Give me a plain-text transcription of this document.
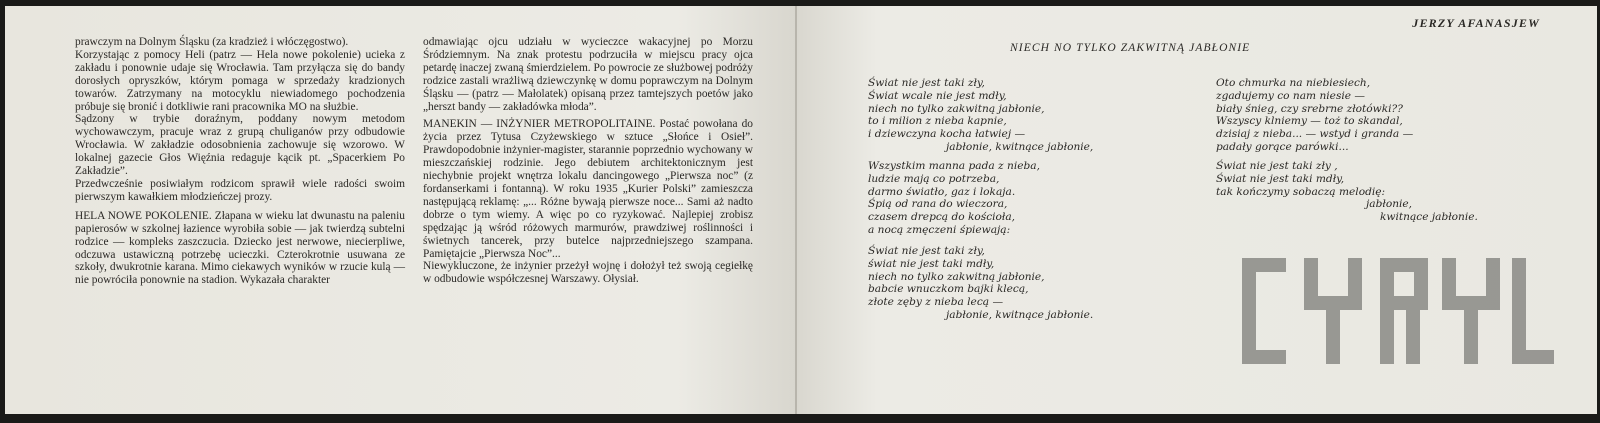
prawczym na Dolnym Śląsku (za kradzież i włóczęgostwo).

Korzystając z pomocy Heli (patrz — Hela nowe pokolenie) ucieka z zakładu i ponownie udaje się Wrocławia. Tam przyłącza się do bandy dorosłych opryszków, którym pomaga w sprzedaży kradzionych towarów. Zatrzymany na motocyklu niewiadomego pochodzenia próbuje się bronić i dotkliwie rani pracownika MO na służbie.

Sądzony w trybie doraźnym, poddany nowym metodom wychowawczym, pracuje wraz z grupą chuliganów przy odbudowie Wrocławia. W zakładzie odosobnienia zachowuje się wzorowo. W lokalnej gazecie Głos Więźnia redaguje kącik pt. „Spacerkiem Po Zakładzie”.

Przedwcześnie posiwiałym rodzicom sprawił wiele radości swoim pierwszym kawałkiem młodzieńczej prozy.

HELA NOWE POKOLENIE. Złapana w wieku lat dwunastu na paleniu papierosów w szkolnej łazience wyrobiła sobie — jak twierdzą subtelni rodzice — kompleks zaszczucia. Dziecko jest nerwowe, niecierpliwe, odczuwa ustawiczną potrzebę ucieczki. Czterokrotnie usuwana ze szkoły, dwukrotnie karana. Mimo ciekawych wyników w rzucie kulą — nie powróciła ponownie na stadion. Wykazała charakter

odmawiając ojcu udziału w wycieczce wakacyjnej po Morzu Śródziemnym. Na znak protestu podrzuciła w miejscu pracy ojca petardę inaczej zwaną śmierdzielem. Po powrocie ze służbowej podróży rodzice zastali wrażliwą dziewczynkę w domu poprawczym na Dolnym Śląsku — (patrz — Małolatek) opisaną przez tamtejszych poetów jako „herszt bandy — zakładówka młoda”.

MANEKIN — INŻYNIER METROPOLITAINE. Postać powołana do życia przez Tytusa Czyżewskiego w sztuce „Słońce i Osieł”. Prawdopodobnie inżynier-magister, starannie poprzednio wychowany w mieszczańskiej rodzinie. Jego debiutem architektonicznym jest niechybnie projekt wnętrza lokalu dancingowego „Pierwsza noc” (z fordanserkami i fontanną). W roku 1935 „Kurier Polski” zamieszcza następującą reklamę: „... Różne bywają pierwsze noce... Sami aż nadto dobrze o tym wiemy. A więc po co ryzykować. Najlepiej zrobisz spędzając ją wśród różowych marmurów, prawdziwej roślinności i świetnych tancerek, przy butelce najprzedniejszego szampana. Pamiętajcie „Pierwsza Noc”...

Niewykluczone, że inżynier przeżył wojnę i dołożył też swoją cegiełkę w odbudowie współczesnej Warszawy. Ołysiał.

JERZY AFANASJEW
NIECH NO TYLKO ZAKWITNĄ JABŁONIE
Świat nie jest taki zły,
Świat wcale nie jest mdły,
niech no tylko zakwitną jabłonie,
to i milion z nieba kapnie,
i dziewczyna kocha łatwiej —
jabłonie, kwitnące jabłonie,
Wszystkim manna pada z nieba,
ludzie mają co potrzeba,
darmo światło, gaz i lokaja.
Śpią od rana do wieczora,
czasem drepcą do kościoła,
a nocą zmęczeni śpiewają:
Świat nie jest taki zły,
świat nie jest taki mdły,
niech no tylko zakwitną jabłonie,
babcie wnuczkom bajki klecą,
złote zęby z nieba lecą —
jabłonie, kwitnące jabłonie.
Oto chmurka na niebiesiech,
zgadujemy co nam niesie —
biały śnieg, czy srebrne złotówki??
Wszyscy klniemy — toż to skandal,
dzisiaj z nieba... — wstyd i granda —
padały gorące parówki...
Świat nie jest taki zły ,
Świat nie jest taki mdły,
tak kończymy sobaczą melodię:
jabłonie,
kwitnące jabłonie.
CYRYL
